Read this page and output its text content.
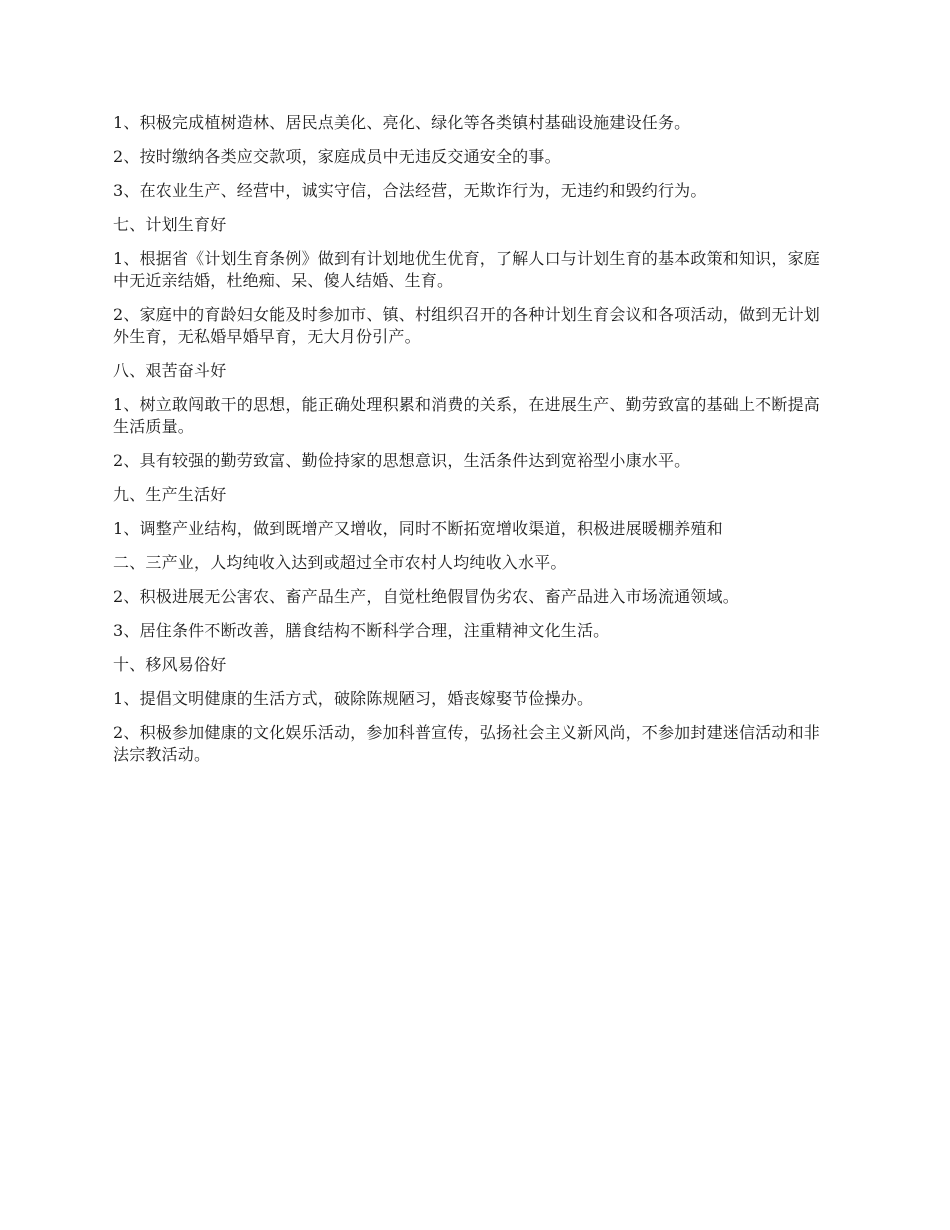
1、积极完成植树造林、居民点美化、亮化、绿化等各类镇村基础设施建设任务。

2、按时缴纳各类应交款项，家庭成员中无违反交通安全的事。

3、在农业生产、经营中，诚实守信，合法经营，无欺诈行为，无违约和毁约行为。

七、计划生育好

1、根据省《计划生育条例》做到有计划地优生优育，了解人口与计划生育的基本政策和知识，家庭中无近亲结婚，杜绝痴、呆、傻人结婚、生育。

2、家庭中的育龄妇女能及时参加市、镇、村组织召开的各种计划生育会议和各项活动，做到无计划外生育，无私婚早婚早育，无大月份引产。

八、艰苦奋斗好

1、树立敢闯敢干的思想，能正确处理积累和消费的关系，在进展生产、勤劳致富的基础上不断提高生活质量。

2、具有较强的勤劳致富、勤俭持家的思想意识，生活条件达到宽裕型小康水平。

九、生产生活好

1、调整产业结构，做到既增产又增收，同时不断拓宽增收渠道，积极进展暖棚养殖和

二、三产业，人均纯收入达到或超过全市农村人均纯收入水平。

2、积极进展无公害农、畜产品生产，自觉杜绝假冒伪劣农、畜产品进入市场流通领域。

3、居住条件不断改善，膳食结构不断科学合理，注重精神文化生活。

十、移风易俗好

1、提倡文明健康的生活方式，破除陈规陋习，婚丧嫁娶节俭操办。

2、积极参加健康的文化娱乐活动，参加科普宣传，弘扬社会主义新风尚，不参加封建迷信活动和非法宗教活动。
